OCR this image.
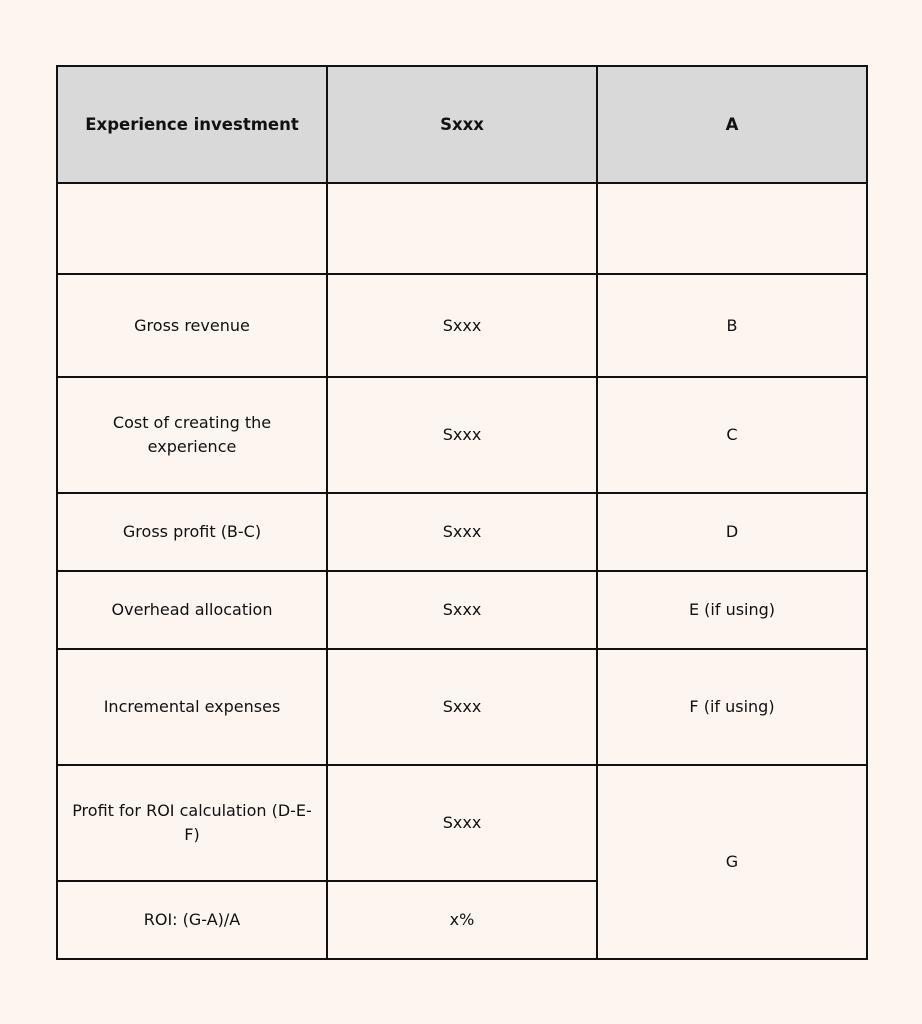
Experience investment	Sxxx	A

Gross revenue	Sxxx	B
Cost of creating the experience	Sxxx	C
Gross profit (B-C)	Sxxx	D
Overhead allocation	Sxxx	E (if using)
Incremental expenses	Sxxx	F (if using)
Profit for ROI calculation (D-E-F)	Sxxx	G
ROI: (G-A)/A	x%	
